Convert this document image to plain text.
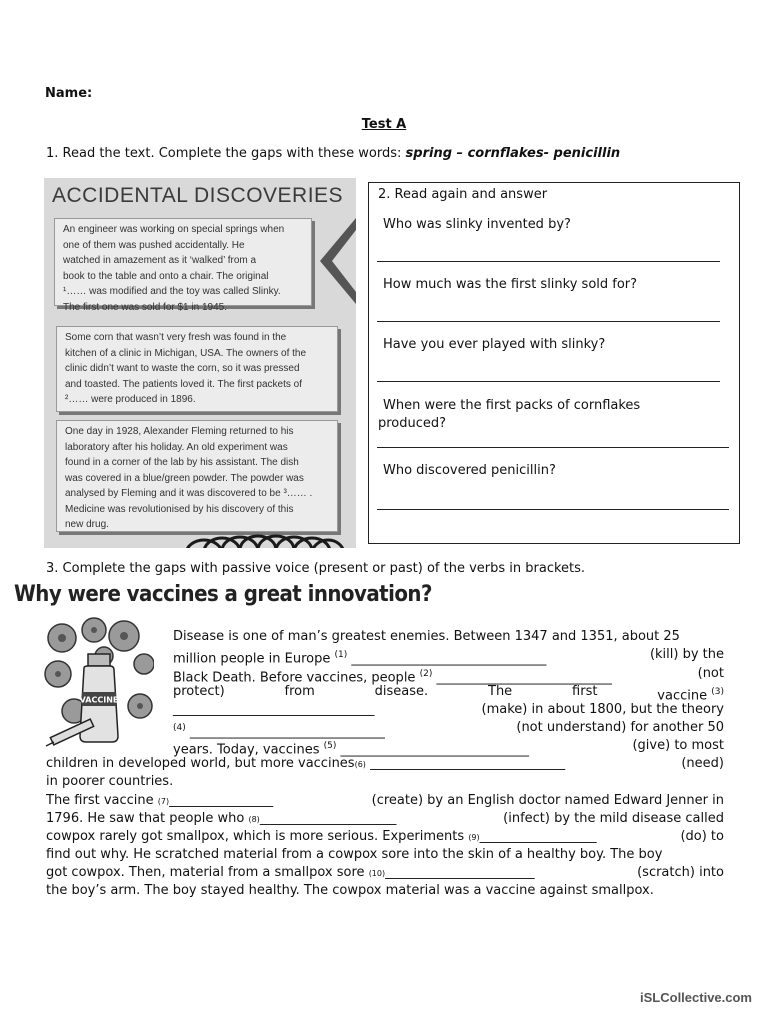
Name:
Test A
1. Read the text. Complete the gaps with these words: spring – cornflakes- penicillin
ACCIDENTAL DISCOVERIES
An engineer was working on special springs when
one of them was pushed accidentally. He
watched in amazement as it ‘walked’ from a
book to the table and onto a chair. The original
¹…… was modified and the toy was called Slinky.
The first one was sold for $1 in 1945.
Some corn that wasn’t very fresh was found in the
kitchen of a clinic in Michigan, USA. The owners of the
clinic didn’t want to waste the corn, so it was pressed
and toasted. The patients loved it. The first packets of
²…… were produced in 1896.
One day in 1928, Alexander Fleming returned to his
laboratory after his holiday. An old experiment was
found in a corner of the lab by his assistant. The dish
was covered in a blue/green powder. The powder was
analysed by Fleming and it was discovered to be ³…… .
Medicine was revolutionised by his discovery of this
new drug.
2. Read again and answer
Who was slinky invented by?
How much was the first slinky sold for?
Have you ever played with slinky?
When were the first packs of cornflakes
produced?
Who discovered penicillin?
3. Complete the gaps with passive voice (present or past) of the verbs in brackets.
Why were vaccines a great innovation?
VACCINE
Disease is one of man’s greatest enemies. Between 1347 and 1351, about 25
million people in Europe $^{(1)}$ ______________________________	(kill) by the
Black Death. Before vaccines, people $^{(2)}$ ___________________________	(not
protect)	from	disease.	The	first	vaccine $^{(3)}$
_______________________________	(make) in about 1800, but the theory
$^{(4)}$ ______________________________	(not understand) for another 50
years. Today, vaccines $^{(5)}$ _____________________________	(give) to most
children in developed world, but more vaccines(6) ______________________________	(need)
in poorer countries.
The first vaccine (7)________________	(create) by an English doctor named Edward Jenner in
1796. He saw that people who (8)_____________________	(infect) by the mild disease called
cowpox rarely got smallpox, which is more serious. Experiments (9)__________________	(do) to
find out why. He scratched material from a cowpox sore into the skin of a healthy boy. The boy
got cowpox. Then, material from a smallpox sore (10)_______________________	(scratch) into
the boy’s arm. The boy stayed healthy. The cowpox material was a vaccine against smallpox.
iSLCollective.com
